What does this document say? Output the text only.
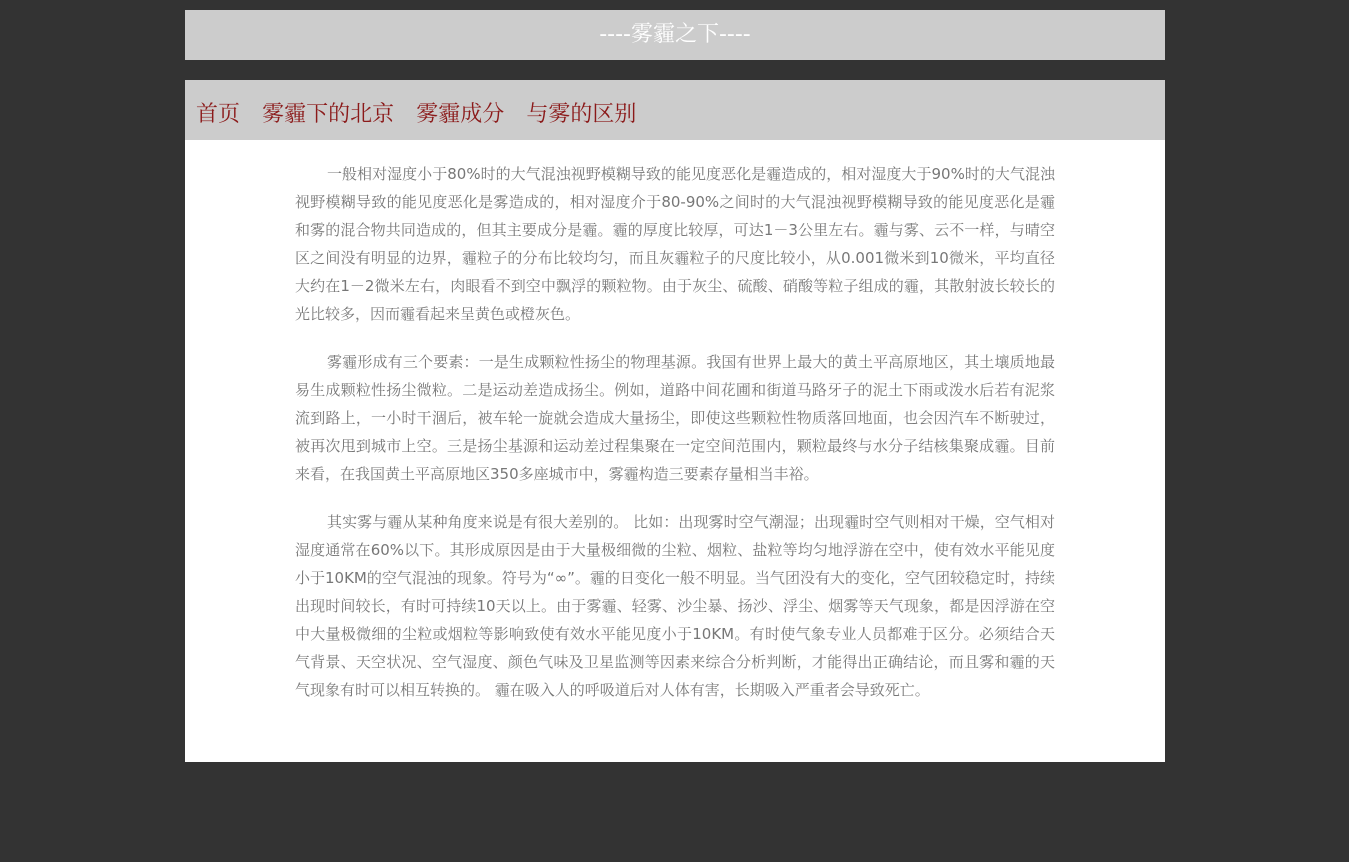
----雾霾之下----
首页 雾霾下的北京 雾霾成分 与雾的区别

一般相对湿度小于80%时的大气混浊视野模糊导致的能见度恶化是霾造成的，相对湿度大于90%时的大气混浊视野模糊导致的能见度恶化是雾造成的，相对湿度介于80-90%之间时的大气混浊视野模糊导致的能见度恶化是霾和雾的混合物共同造成的，但其主要成分是霾。霾的厚度比较厚，可达1－3公里左右。霾与雾、云不一样，与晴空区之间没有明显的边界，霾粒子的分布比较均匀，而且灰霾粒子的尺度比较小，从0.001微米到10微米，平均直径大约在1－2微米左右，肉眼看不到空中飘浮的颗粒物。由于灰尘、硫酸、硝酸等粒子组成的霾，其散射波长较长的光比较多，因而霾看起来呈黄色或橙灰色。

雾霾形成有三个要素：一是生成颗粒性扬尘的物理基源。我国有世界上最大的黄土平高原地区，其土壤质地最易生成颗粒性扬尘微粒。二是运动差造成扬尘。例如，道路中间花圃和街道马路牙子的泥土下雨或泼水后若有泥浆流到路上，一小时干涸后，被车轮一旋就会造成大量扬尘，即使这些颗粒性物质落回地面，也会因汽车不断驶过，被再次甩到城市上空。三是扬尘基源和运动差过程集聚在一定空间范围内，颗粒最终与水分子结核集聚成霾。目前来看，在我国黄土平高原地区350多座城市中，雾霾构造三要素存量相当丰裕。

其实雾与霾从某种角度来说是有很大差别的。 比如：出现雾时空气潮湿；出现霾时空气则相对干燥，空气相对湿度通常在60%以下。其形成原因是由于大量极细微的尘粒、烟粒、盐粒等均匀地浮游在空中，使有效水平能见度小于10KM的空气混浊的现象。符号为“∞”。霾的日变化一般不明显。当气团没有大的变化，空气团较稳定时，持续出现时间较长，有时可持续10天以上。由于雾霾、轻雾、沙尘暴、扬沙、浮尘、烟雾等天气现象，都是因浮游在空中大量极微细的尘粒或烟粒等影响致使有效水平能见度小于10KM。有时使气象专业人员都难于区分。必须结合天气背景、天空状况、空气湿度、颜色气味及卫星监测等因素来综合分析判断，才能得出正确结论，而且雾和霾的天气现象有时可以相互转换的。 霾在吸入人的呼吸道后对人体有害，长期吸入严重者会导致死亡。
